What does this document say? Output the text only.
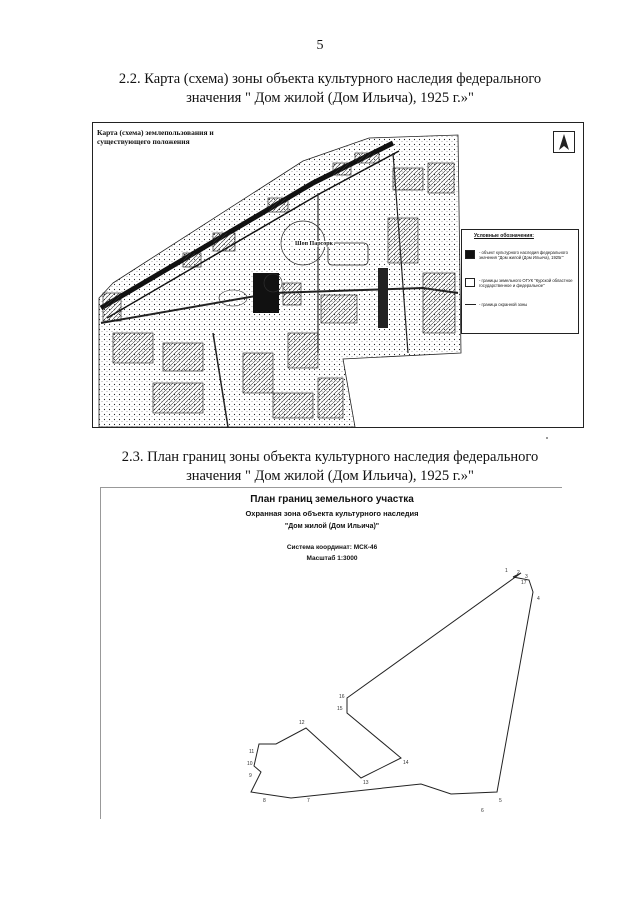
5
2.2. Карта (схема) зоны объекта культурного наследия федерального
значения " Дом жилой (Дом Ильича), 1925 г.»"
Карта (схема) землепользования и
существующего положения
Шоп Парсорк
Условные обозначения:
- объект культурного наследия федерального значения "Дом жилой (Дом Ильича), 1925г"
- границы земельного ОГУК "Курской областное государственное и федеральное"
- граница охранной зоны
2.3. План границ зоны объекта культурного наследия федерального
значения " Дом жилой (Дом Ильича), 1925 г.»"
План границ земельного участка
Охранная зона объекта культурного наследия
"Дом жилой (Дом Ильича)"
Система координат: МСК-46
Масштаб 1:3000
1 2
3
4
5
6
7
8
9
10
11
12
13
14
15
16
17
